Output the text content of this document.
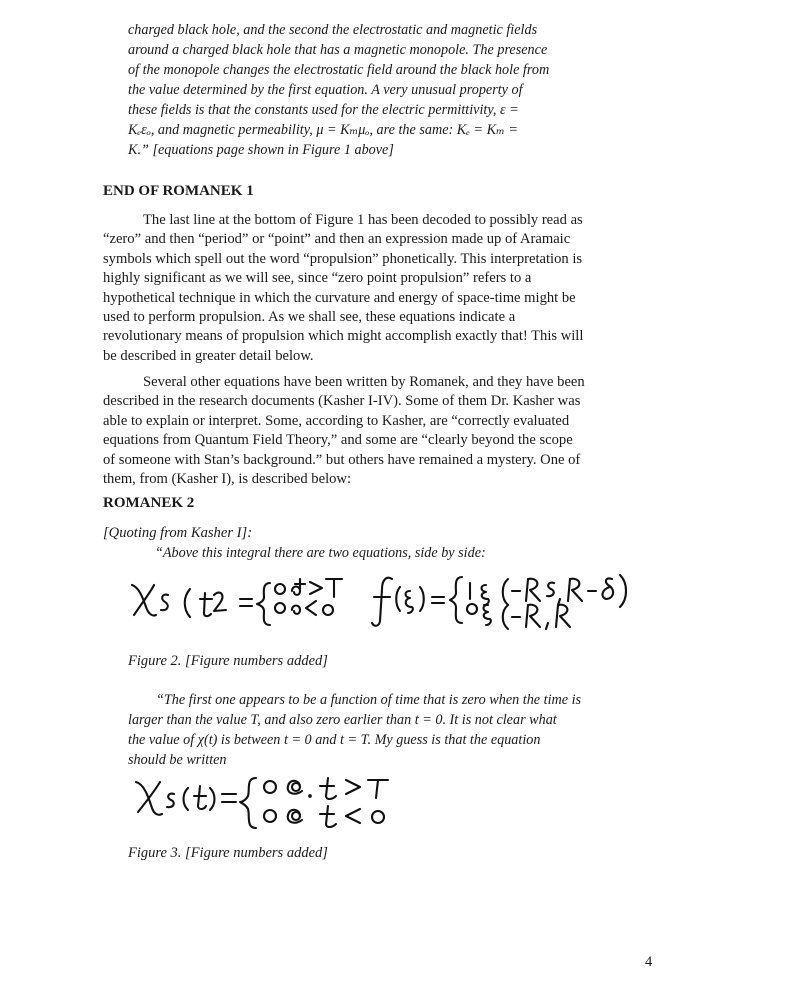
charged black hole, and the second the electrostatic and magnetic fields
around a charged black hole that has a magnetic monopole. The presence
of the monopole changes the electrostatic field around the black hole from
the value determined by the first equation. A very unusual property of
these fields is that the constants used for the electric permittivity, ε =
Kₑεₒ, and magnetic permeability, μ = Kₘμₒ, are the same: Kₑ = Kₘ =
K.” [equations page shown in Figure 1 above]
END OF ROMANEK 1
The last line at the bottom of Figure 1 has been decoded to possibly read as
“zero” and then “period” or “point” and then an expression made up of Aramaic
symbols which spell out the word “propulsion” phonetically. This interpretation is
highly significant as we will see, since “zero point propulsion” refers to a
hypothetical technique in which the curvature and energy of space-time might be
used to perform propulsion. As we shall see, these equations indicate a
revolutionary means of propulsion which might accomplish exactly that! This will
be described in greater detail below.
Several other equations have been written by Romanek, and they have been
described in the research documents (Kasher I-IV). Some of them Dr. Kasher was
able to explain or interpret. Some, according to Kasher, are “correctly evaluated
equations from Quantum Field Theory,” and some are “clearly beyond the scope
of someone with Stan’s background.” but others have remained a mystery. One of
them, from (Kasher I), is described below:
ROMANEK 2
[Quoting from Kasher I]:
“Above this integral there are two equations, side by side:
Figure 2. [Figure numbers added]
“The first one appears to be a function of time that is zero when the time is
larger than the value T, and also zero earlier than t = 0. It is not clear what
the value of χ(t) is between t = 0 and t = T. My guess is that the equation
should be written
Figure 3. [Figure numbers added]
4
